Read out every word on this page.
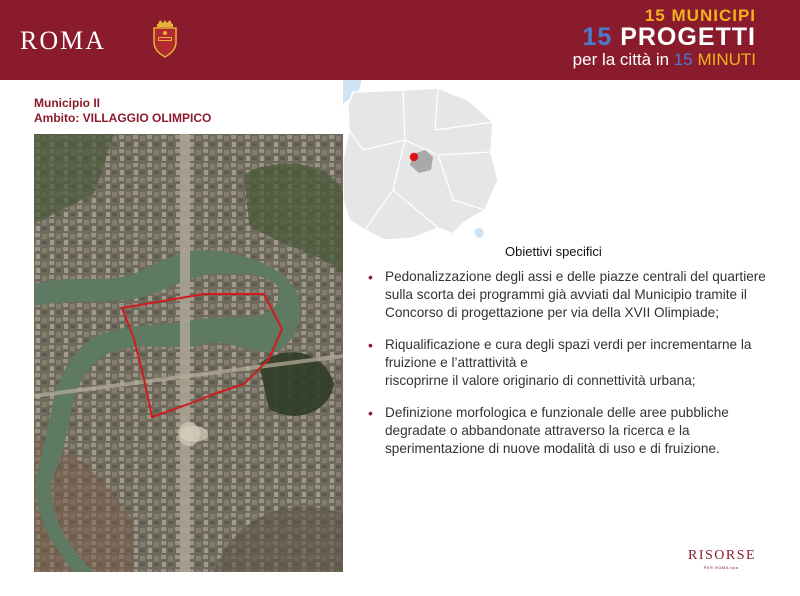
ROMA
15 MUNICIPI
15 PROGETTI
per la città in 15 MINUTI
Municipio II
Ambito: VILLAGGIO OLIMPICO
Obiettivi specifici
• Pedonalizzazione degli assi e delle piazze centrali del quartiere
sulla scorta dei programmi già avviati dal Municipio tramite il
Concorso di progettazione per via della XVII Olimpiade;
• Riqualificazione e cura degli spazi verdi per incrementarne la
fruizione e l’attrattività e
riscoprirne il valore originario di connettività urbana;
• Definizione morfologica e funzionale delle aree pubbliche
degradate o abbandonate attraverso la ricerca e la
sperimentazione di nuove modalità di uso e di fruizione.
RISORSE
PER ROMA spa
